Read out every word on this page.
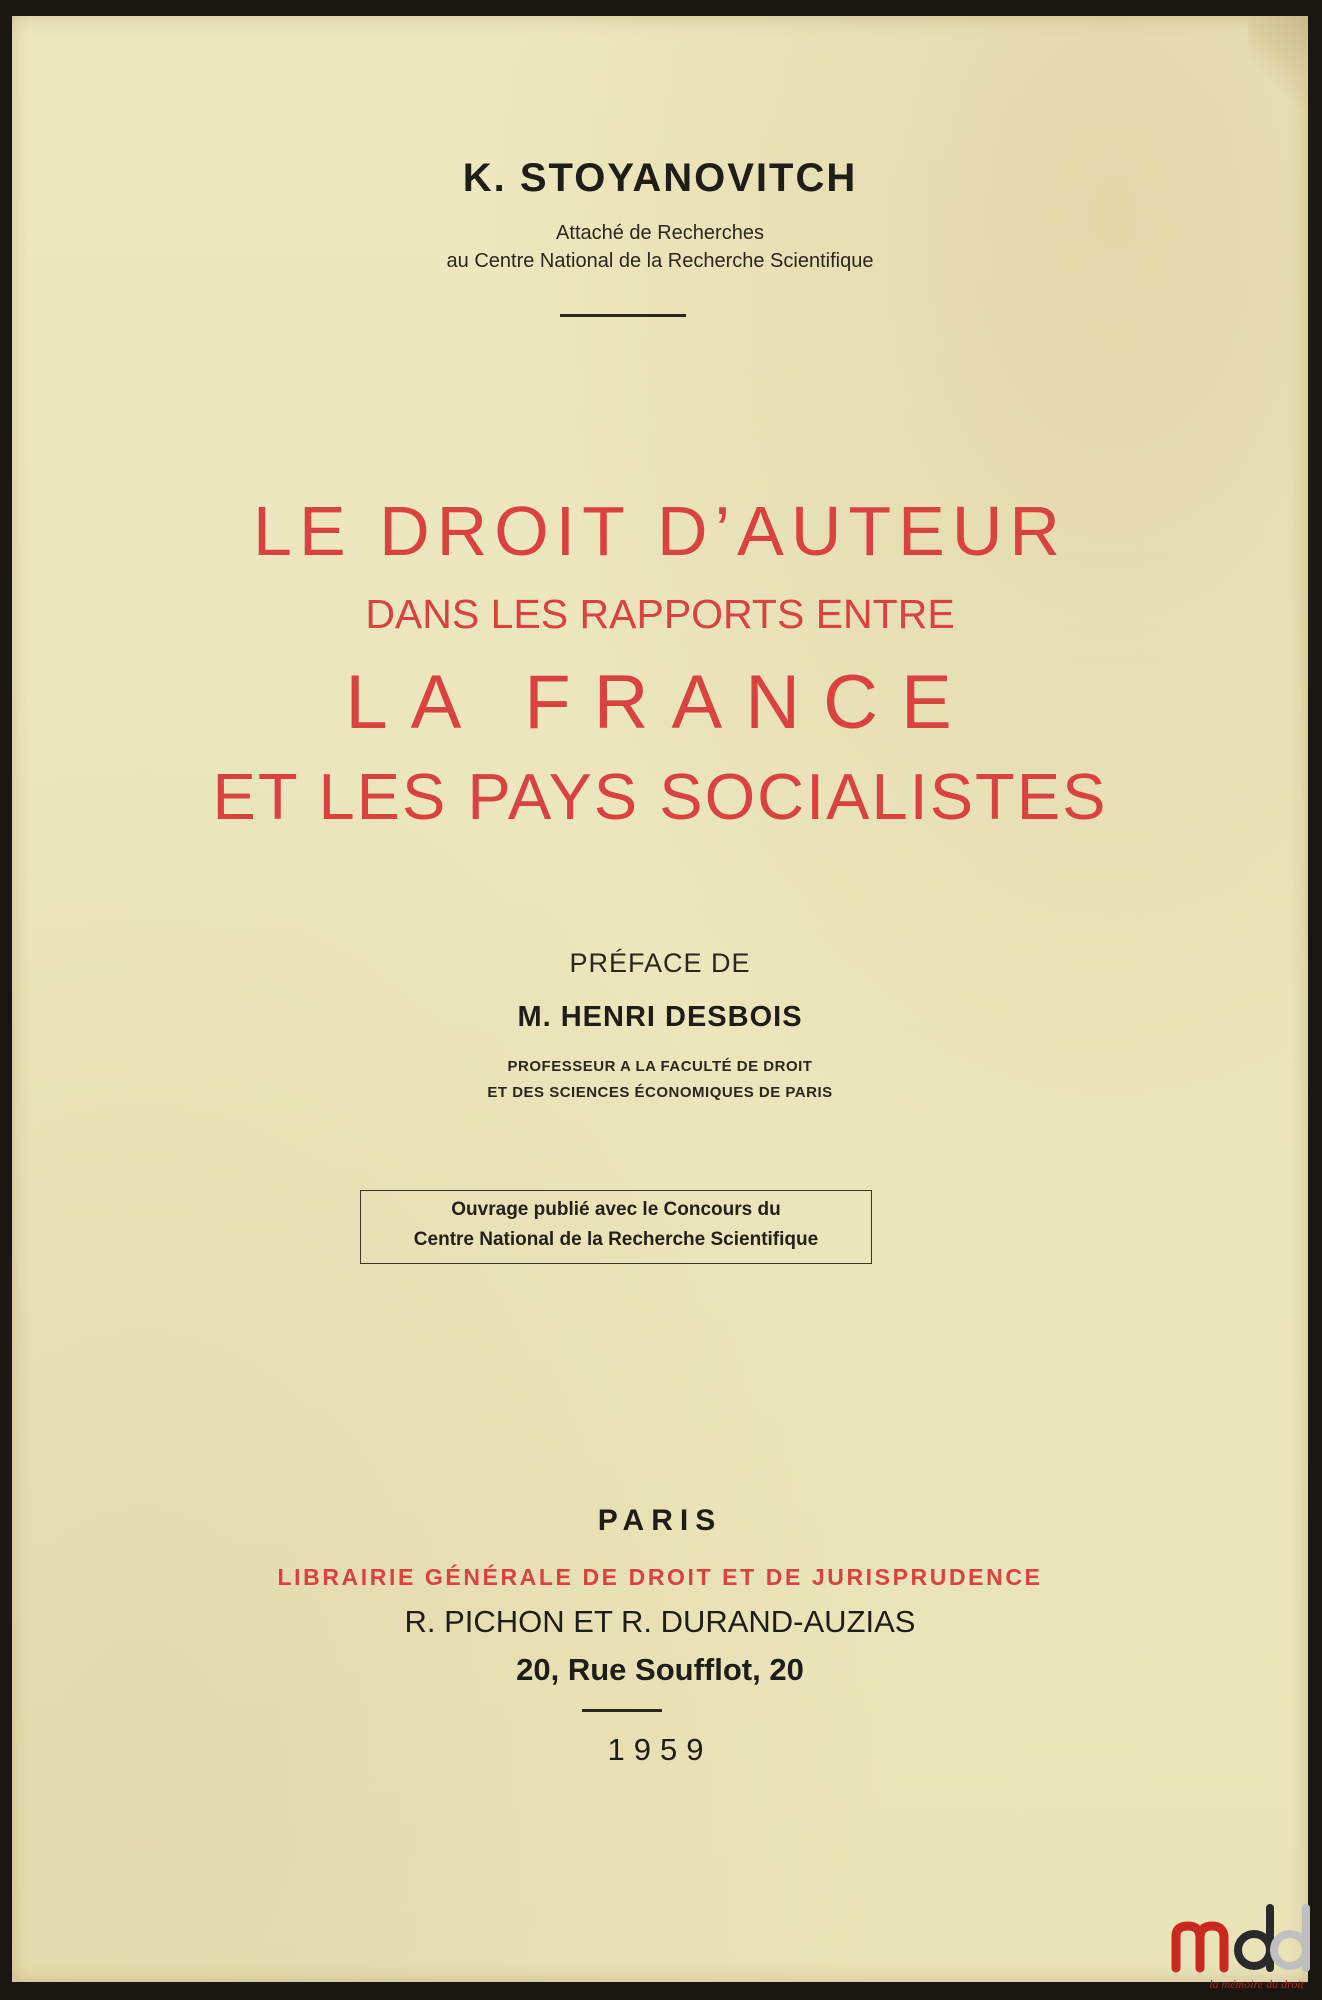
K. STOYANOVITCH
Attaché de Recherches
au Centre National de la Recherche Scientifique
LE DROIT D’AUTEUR
DANS LES RAPPORTS ENTRE
LA FRANCE
ET LES PAYS SOCIALISTES
PRÉFACE DE
M. HENRI DESBOIS
PROFESSEUR A LA FACULTÉ DE DROIT
ET DES SCIENCES ÉCONOMIQUES DE PARIS
Ouvrage publié avec le Concours du
Centre National de la Recherche Scientifique
PARIS
LIBRAIRIE GÉNÉRALE DE DROIT ET DE JURISPRUDENCE
R. PICHON ET R. DURAND-AUZIAS
20, Rue Soufflot, 20
1959
la mémoire du droit
